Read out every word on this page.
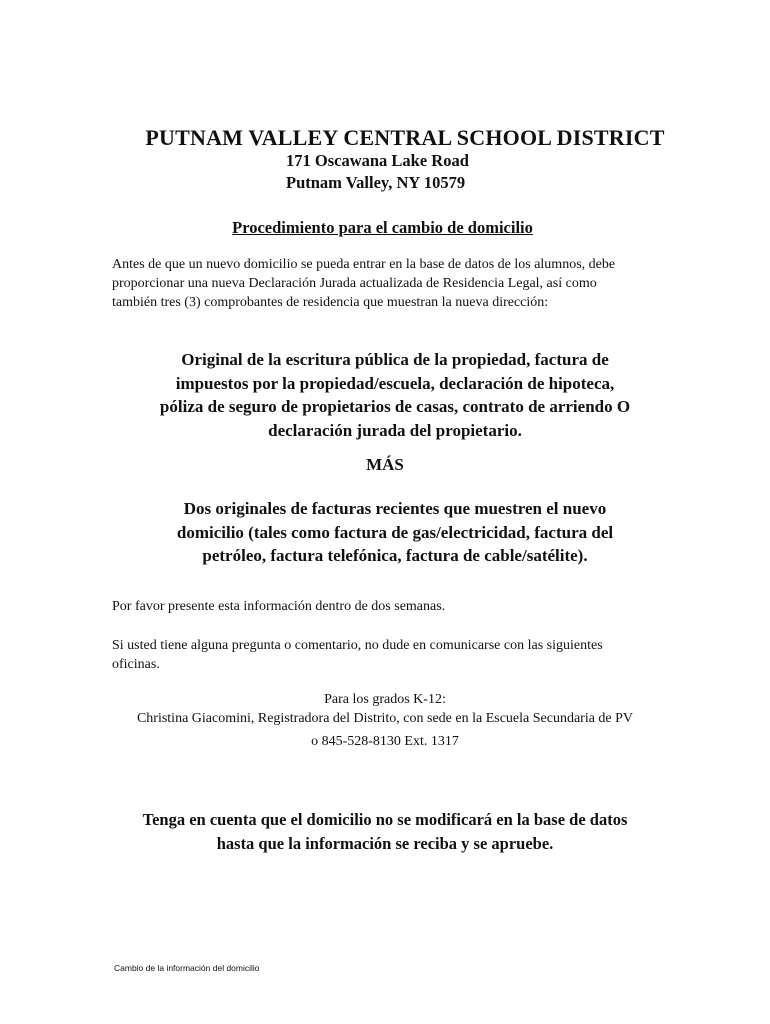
PUTNAM VALLEY CENTRAL SCHOOL DISTRICT
171 Oscawana Lake Road
Putnam Valley, NY 10579
Procedimiento para el cambio de domicilio
Antes de que un nuevo domicilio se pueda entrar en la base de datos de los alumnos, debe
proporcionar una nueva Declaración Jurada actualizada de Residencia Legal, así como
también tres (3) comprobantes de residencia que muestran la nueva dirección:
Original de la escritura pública de la propiedad, factura de
impuestos por la propiedad/escuela, declaración de hipoteca,
póliza de seguro de propietarios de casas, contrato de arriendo O
declaración jurada del propietario.
MÁS
Dos originales de facturas recientes que muestren el nuevo
domicilio (tales como factura de gas/electricidad, factura del
petróleo, factura telefónica, factura de cable/satélite).
Por favor presente esta información dentro de dos semanas.
Si usted tiene alguna pregunta o comentario, no dude en comunicarse con las siguientes
oficinas.
Para los grados K-12:
Christina Giacomini, Registradora del Distrito, con sede en la Escuela Secundaria de PV
o 845-528-8130 Ext. 1317
Tenga en cuenta que el domicilio no se modificará en la base de datos
hasta que la información se reciba y se apruebe.
Cambio de la información del domicilio
